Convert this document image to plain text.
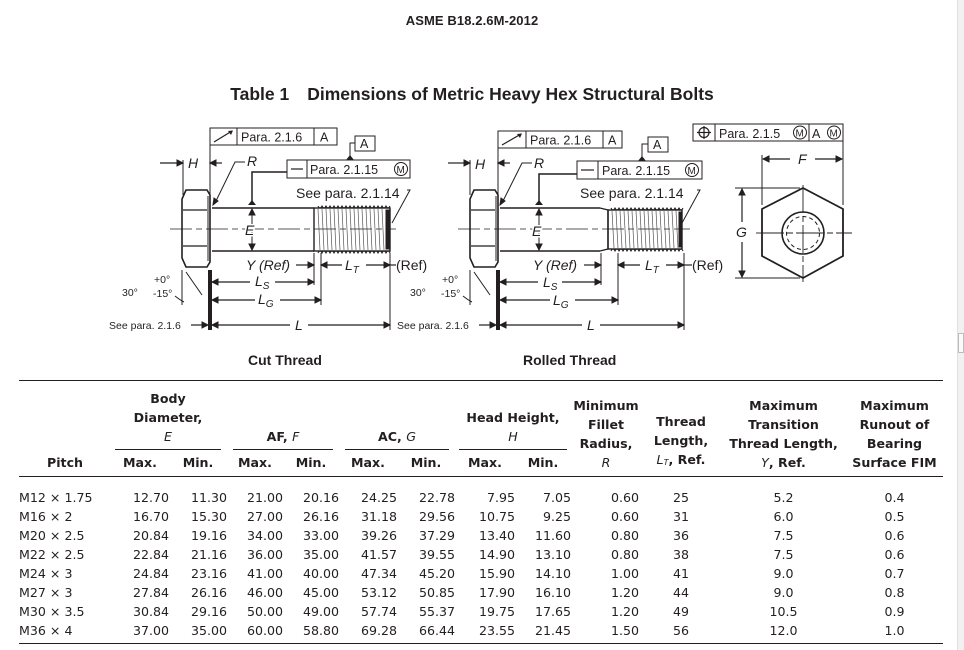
ASME B18.2.6M-2012
Table 1 Dimensions of Metric Heavy Hex Structural Bolts
Para. 2.1.6 A	A
Para. 2.1.15 M
See para. 2.1.14
H	R
E
Y (Ref)	$L_T$	(Ref)
$L_S$
$L_G$
L
+0°
30° -15°
See para. 2.1.6
Para. 2.1.6 A	A
Para. 2.1.15 M
See para. 2.1.14
H	R
E
Y (Ref)	$L_T$ (Ref)
$L_S$
$L_G$
L
+0°
30° -15°
See para. 2.1.6
Para. 2.1.5 M A M
F
G
Cut Thread	Rolled Thread
Pitch	
Body
Diameter,
E	AF, F	AC, G

Head Height,
H

Minimum
Fillet
Radius,
R

Thread
Length,
LT, Ref.

Maximum
Transition
Thread Length,
Y, Ref.

Maximum
Runout of
Bearing
Surface FIM

	Max.	Min.	Max.	Min.	Max.	Min.	Max.	Min.				
M12 × 1.75	12.70	11.30	21.00	20.16	24.25	22.78	7.95	7.05	0.60	25	5.2	0.4
M16 × 2	16.70	15.30	27.00	26.16	31.18	29.56	10.75	9.25	0.60	31	6.0	0.5
M20 × 2.5	20.84	19.16	34.00	33.00	39.26	37.29	13.40	11.60	0.80	36	7.5	0.6
M22 × 2.5	22.84	21.16	36.00	35.00	41.57	39.55	14.90	13.10	0.80	38	7.5	0.6
M24 × 3	24.84	23.16	41.00	40.00	47.34	45.20	15.90	14.10	1.00	41	9.0	0.7
M27 × 3	27.84	26.16	46.00	45.00	53.12	50.85	17.90	16.10	1.20	44	9.0	0.8
M30 × 3.5	30.84	29.16	50.00	49.00	57.74	55.37	19.75	17.65	1.20	49	10.5	0.9
M36 × 4	37.00	35.00	60.00	58.80	69.28	66.44	23.55	21.45	1.50	56	12.0	1.0
